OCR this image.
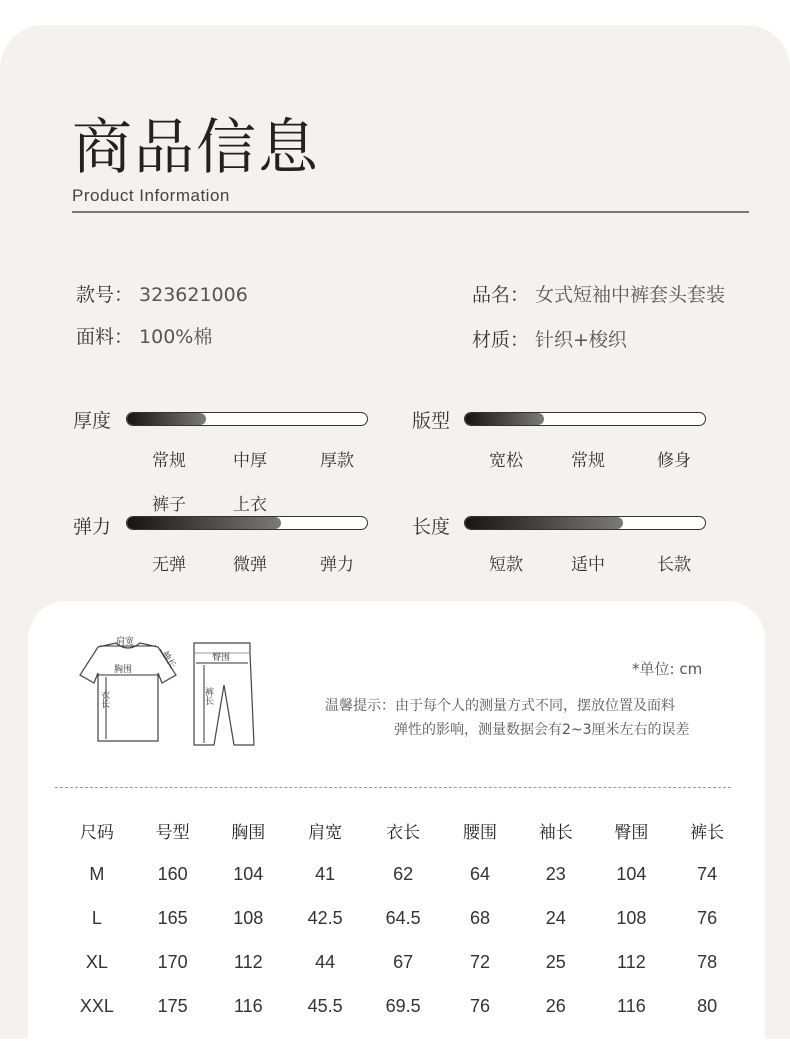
商品信息
Product Information
款号： 323621006
面料： 100%棉
品名： 女式短袖中裤套头套装
材质： 针织+梭织
厚度
常规	中厚	厚款
版型
宽松	常规	修身
裤子	上衣
弹力
无弹	微弹	弹力
长度
短款	适中	长款
肩宽
胸围	袖长
衣长
臀围
裤长
*单位: cm
温馨提示：由于每个人的测量方式不同，摆放位置及面料
弹性的影响，测量数据会有2~3厘米左右的误差
尺码	号型	胸围	肩宽	衣长	腰围	袖长	臀围	裤长
M	160	104	41	62	64	23	104	74
L	165	108	42.5	64.5	68	24	108	76
XL	170	112	44	67	72	25	112	78
XXL	175	116	45.5	69.5	76	26	116	80
